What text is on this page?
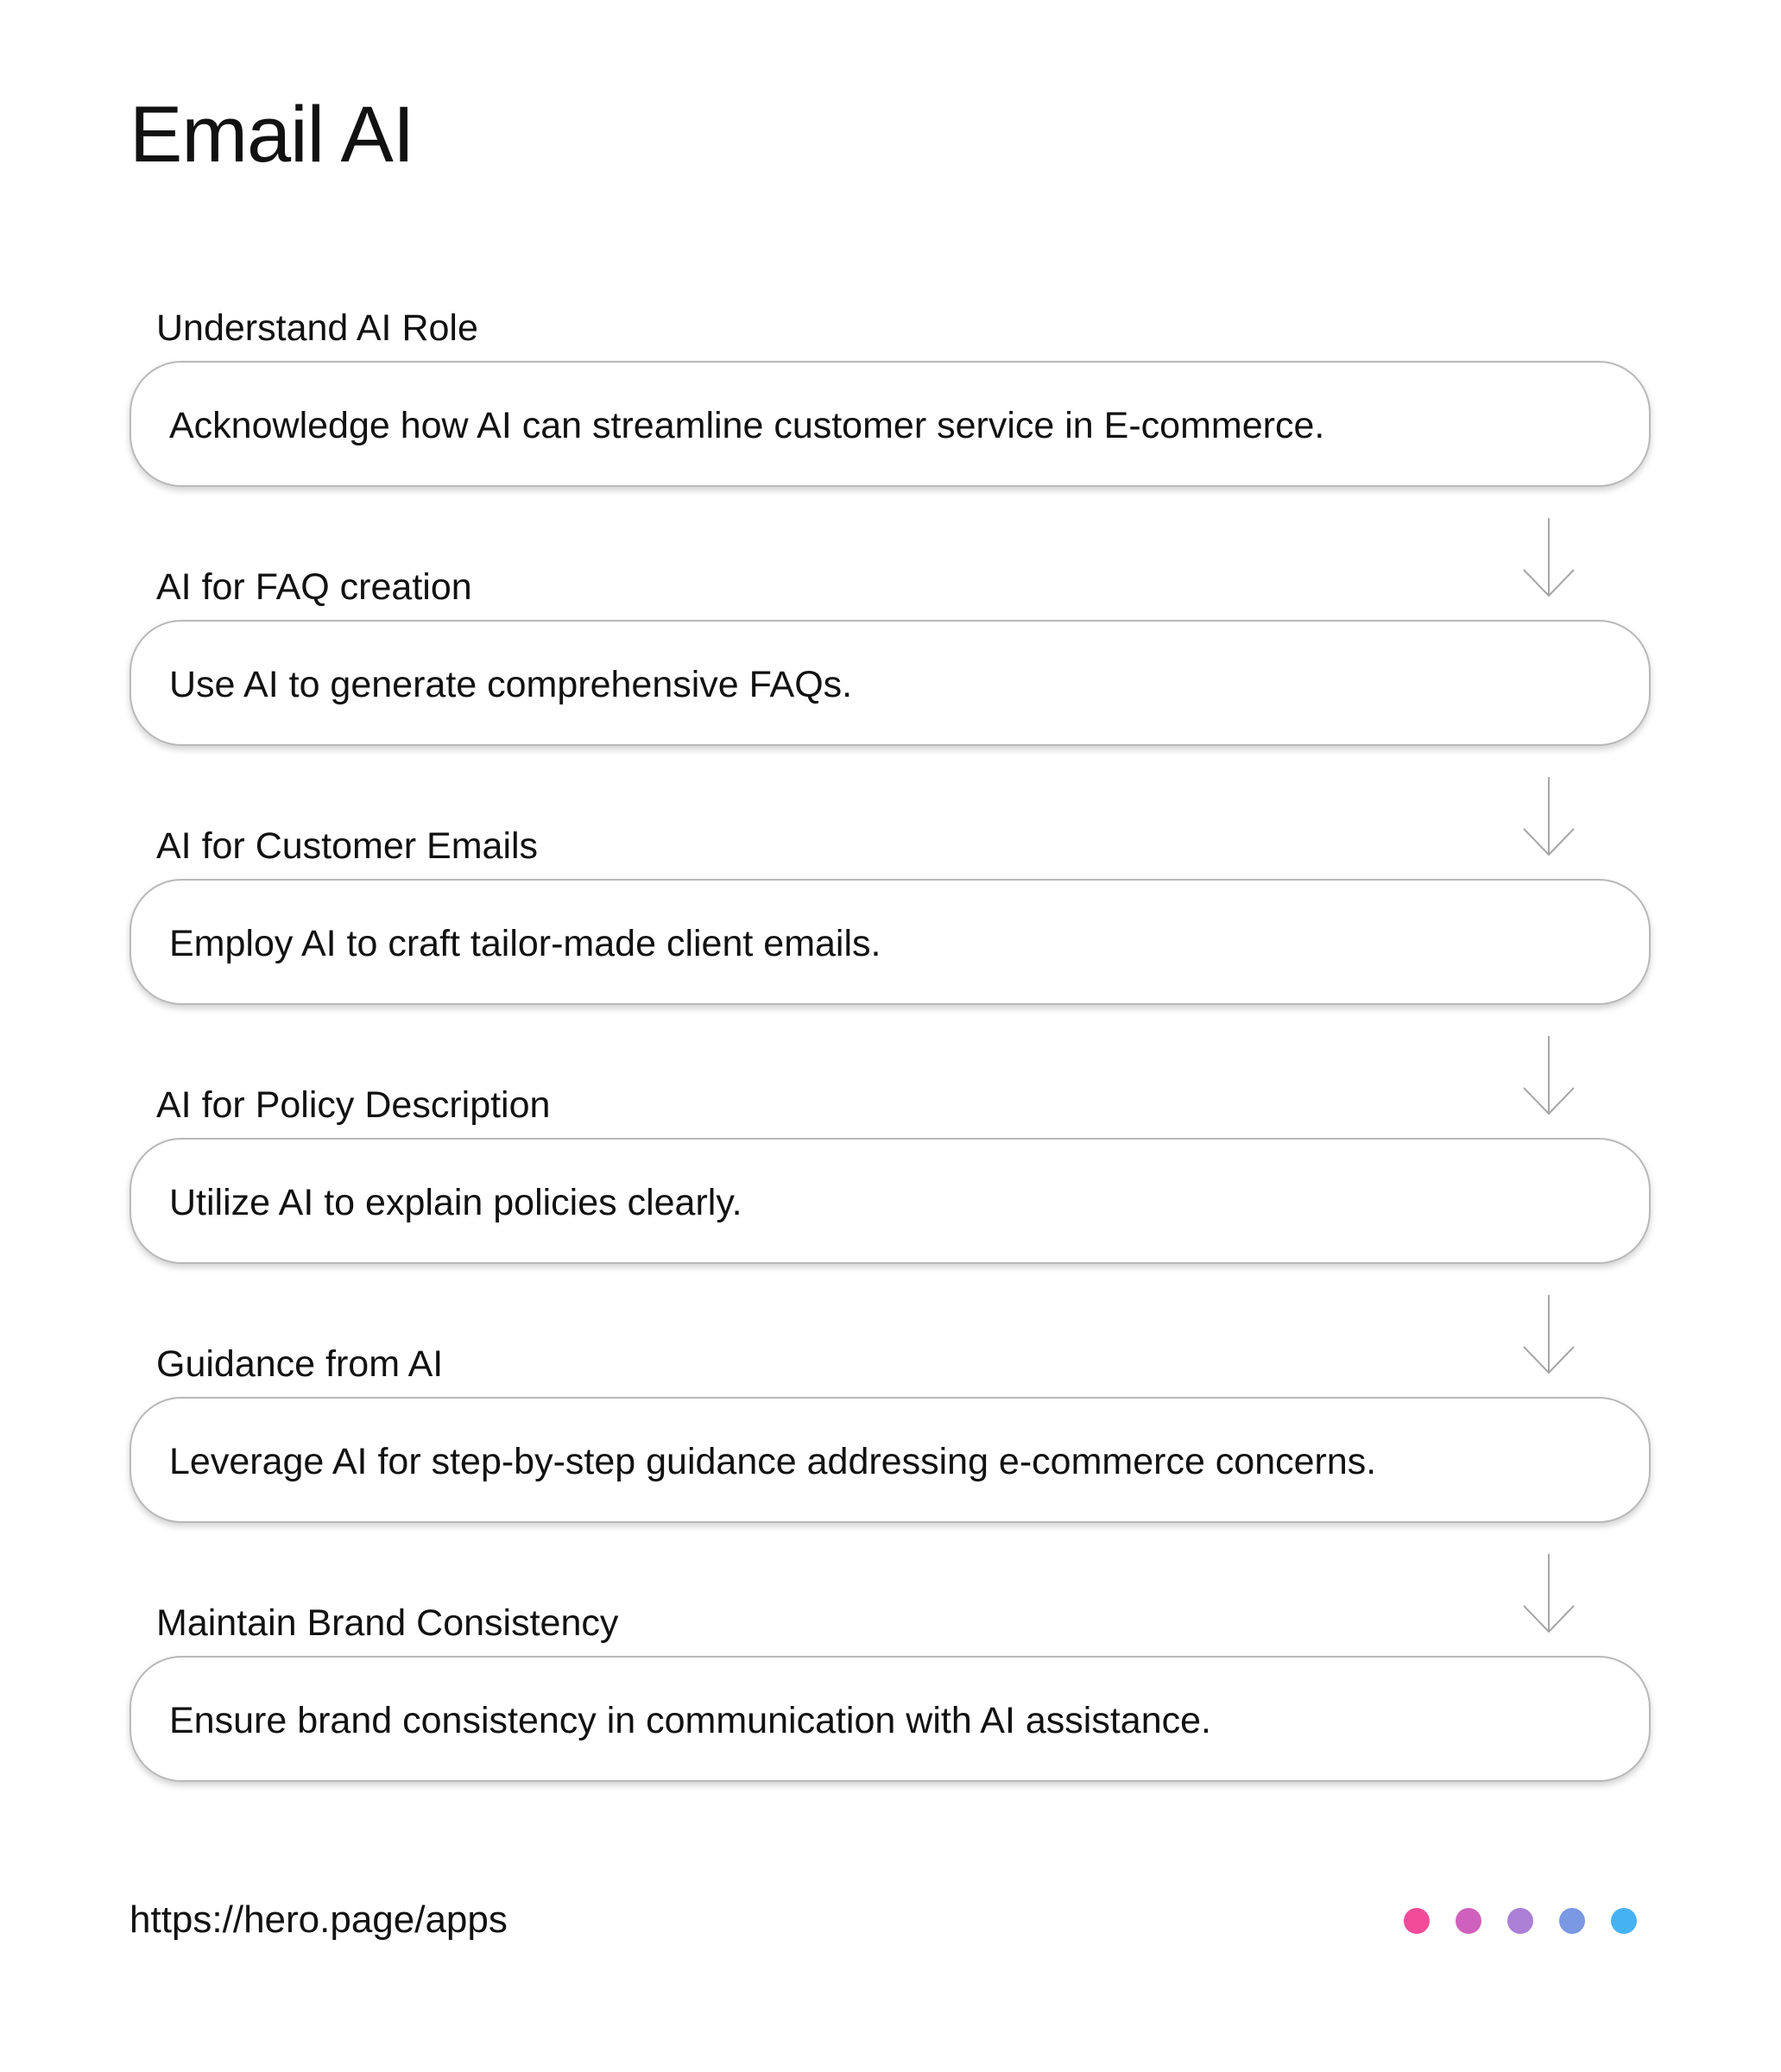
Email AI
Understand AI Role
Acknowledge how AI can streamline customer service in E-commerce.
AI for FAQ creation
Use AI to generate comprehensive FAQs.
AI for Customer Emails
Employ AI to craft tailor-made client emails.
AI for Policy Description
Utilize AI to explain policies clearly.
Guidance from AI
Leverage AI for step-by-step guidance addressing e-commerce concerns.
Maintain Brand Consistency
Ensure brand consistency in communication with AI assistance.
https://hero.page/apps
